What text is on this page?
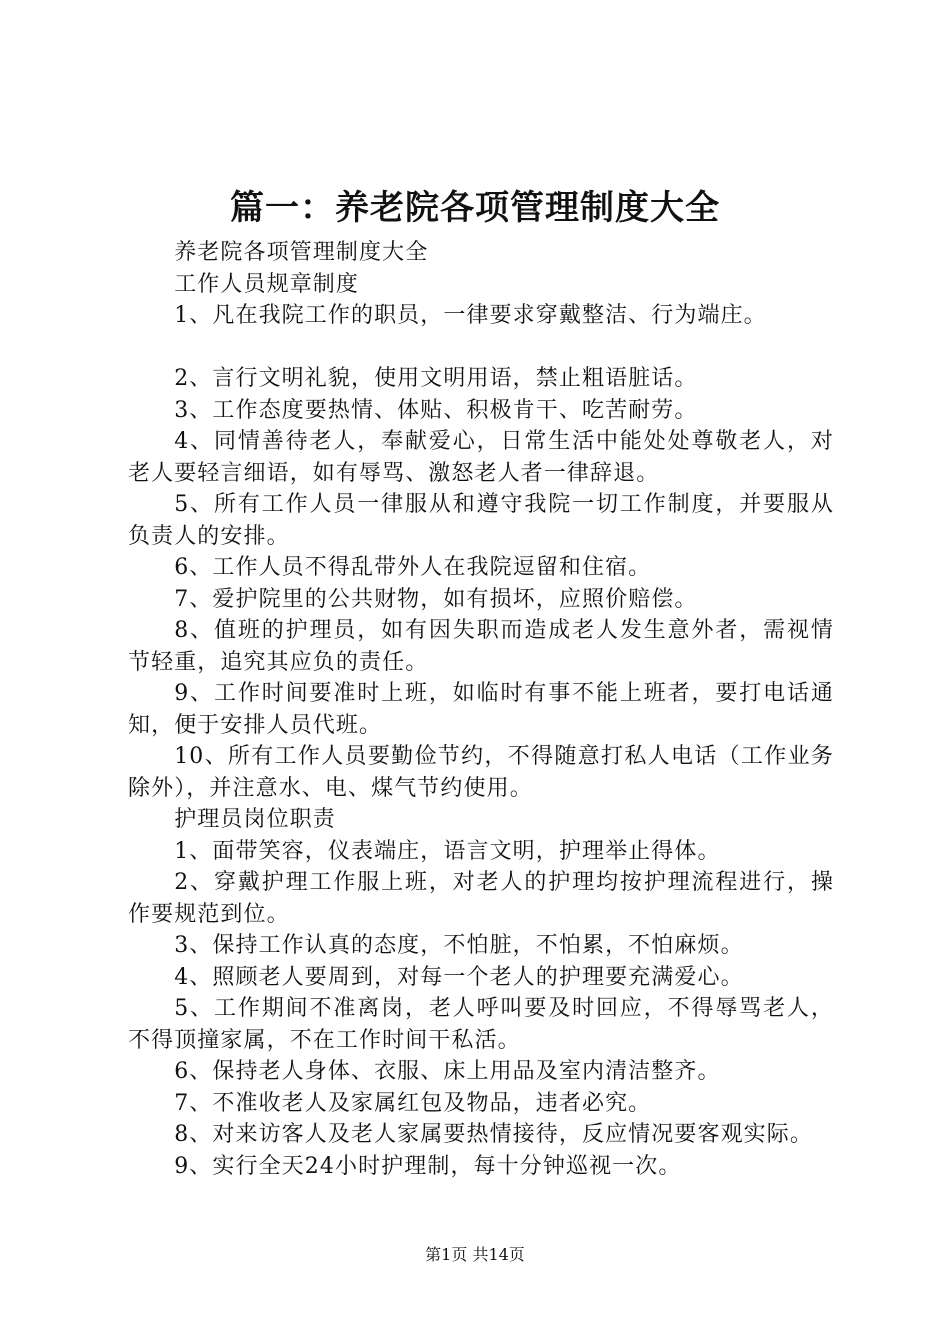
篇一：养老院各项管理制度大全

养老院各项管理制度大全

工作人员规章制度

1、凡在我院工作的职员，一律要求穿戴整洁、行为端庄。

2、言行文明礼貌，使用文明用语，禁止粗语脏话。

3、工作态度要热情、体贴、积极肯干、吃苦耐劳。

4、同情善待老人，奉献爱心，日常生活中能处处尊敬老人，对老人要轻言细语，如有辱骂、激怒老人者一律辞退。

5、所有工作人员一律服从和遵守我院一切工作制度，并要服从负责人的安排。

6、工作人员不得乱带外人在我院逗留和住宿。

7、爱护院里的公共财物，如有损坏，应照价赔偿。

8、值班的护理员，如有因失职而造成老人发生意外者，需视情节轻重，追究其应负的责任。

9、工作时间要准时上班，如临时有事不能上班者，要打电话通知，便于安排人员代班。

10、所有工作人员要勤俭节约，不得随意打私人电话（工作业务除外），并注意水、电、煤气节约使用。

护理员岗位职责

1、面带笑容，仪表端庄，语言文明，护理举止得体。

2、穿戴护理工作服上班，对老人的护理均按护理流程进行，操作要规范到位。

3、保持工作认真的态度，不怕脏，不怕累，不怕麻烦。

4、照顾老人要周到，对每一个老人的护理要充满爱心。

5、工作期间不准离岗，老人呼叫要及时回应，不得辱骂老人，不得顶撞家属，不在工作时间干私活。

6、保持老人身体、衣服、床上用品及室内清洁整齐。

7、不准收老人及家属红包及物品，违者必究。

8、对来访客人及老人家属要热情接待，反应情况要客观实际。

9、实行全天24小时护理制，每十分钟巡视一次。

第1页 共14页
